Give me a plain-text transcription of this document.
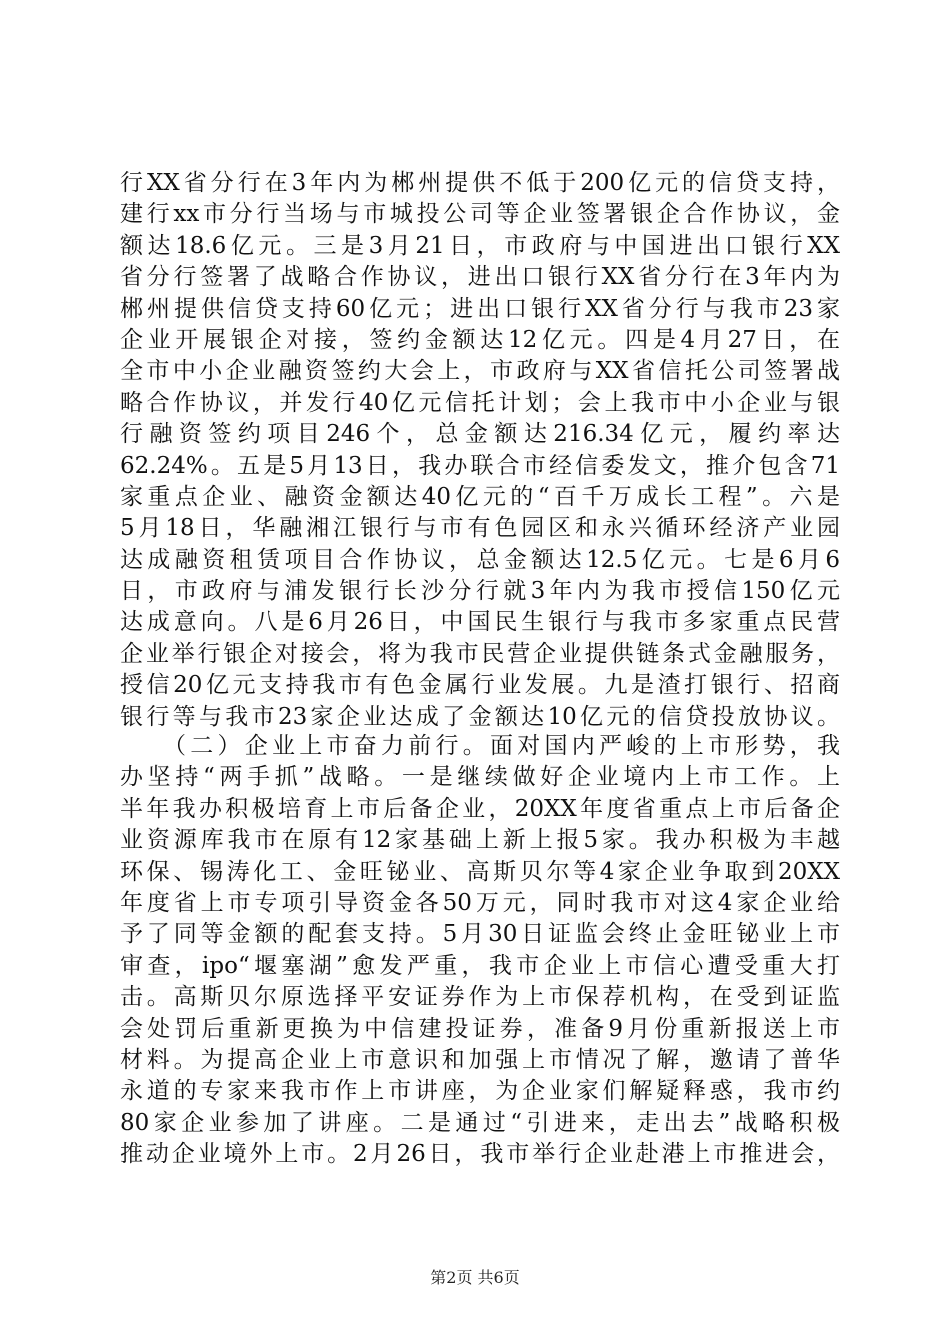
行XX省分行在3年内为郴州提供不低于200亿元的信贷支持，
建行xx市分行当场与市城投公司等企业签署银企合作协议，金
额达18.6亿元。三是3月21日，市政府与中国进出口银行XX
省分行签署了战略合作协议，进出口银行XX省分行在3年内为
郴州提供信贷支持60亿元；进出口银行XX省分行与我市23家
企业开展银企对接，签约金额达12亿元。四是4月27日，在
全市中小企业融资签约大会上，市政府与XX省信托公司签署战
略合作协议，并发行40亿元信托计划；会上我市中小企业与银
行融资签约项目246个，总金额达216.34亿元，履约率达
62.24%。五是5月13日，我办联合市经信委发文，推介包含71
家重点企业、融资金额达40亿元的“百千万成长工程”。六是
5月18日，华融湘江银行与市有色园区和永兴循环经济产业园
达成融资租赁项目合作协议，总金额达12.5亿元。七是6月6
日，市政府与浦发银行长沙分行就3年内为我市授信150亿元
达成意向。八是6月26日，中国民生银行与我市多家重点民营
企业举行银企对接会，将为我市民营企业提供链条式金融服务，
授信20亿元支持我市有色金属行业发展。九是渣打银行、招商
银行等与我市23家企业达成了金额达10亿元的信贷投放协议。
　　（二）企业上市奋力前行。面对国内严峻的上市形势，我
办坚持“两手抓”战略。一是继续做好企业境内上市工作。上
半年我办积极培育上市后备企业，20XX年度省重点上市后备企
业资源库我市在原有12家基础上新上报5家。我办积极为丰越
环保、锡涛化工、金旺铋业、高斯贝尔等4家企业争取到20XX
年度省上市专项引导资金各50万元，同时我市对这4家企业给
予了同等金额的配套支持。5月30日证监会终止金旺铋业上市
审查，ipo“堰塞湖”愈发严重，我市企业上市信心遭受重大打
击。高斯贝尔原选择平安证券作为上市保荐机构，在受到证监
会处罚后重新更换为中信建投证券，准备9月份重新报送上市
材料。为提高企业上市意识和加强上市情况了解，邀请了普华
永道的专家来我市作上市讲座，为企业家们解疑释惑，我市约
80家企业参加了讲座。二是通过“引进来，走出去”战略积极
推动企业境外上市。2月26日，我市举行企业赴港上市推进会，
第2页 共6页
